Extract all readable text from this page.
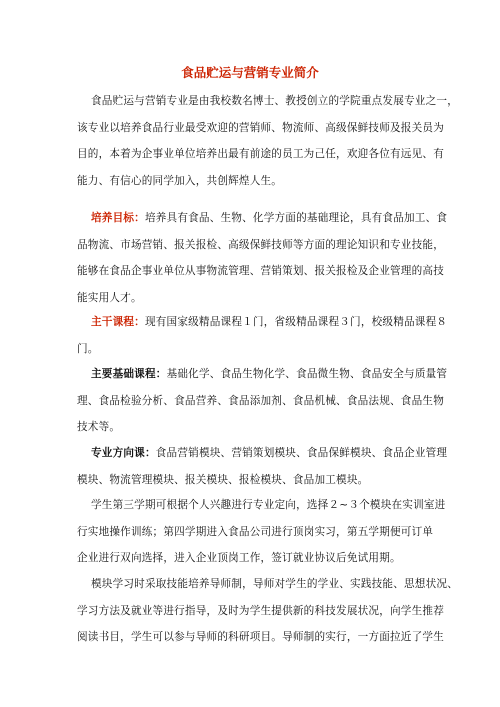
食品贮运与营销专业简介
食品贮运与营销专业是由我校数名博士、教授创立的学院重点发展专业之一，
该专业以培养食品行业最受欢迎的营销师、物流师、高级保鲜技师及报关员为
目的，本着为企事业单位培养出最有前途的员工为己任，欢迎各位有远见、有
能力、有信心的同学加入，共创辉煌人生。
培养目标：培养具有食品、生物、化学方面的基础理论，具有食品加工、食
品物流、市场营销、报关报检、高级保鲜技师等方面的理论知识和专业技能，
能够在食品企事业单位从事物流管理、营销策划、报关报检及企业管理的高技
能实用人才。
主干课程：现有国家级精品课程１门，省级精品课程３门，校级精品课程８
门。
主要基础课程：基础化学、食品生物化学、食品微生物、食品安全与质量管
理、食品检验分析、食品营养、食品添加剂、食品机械、食品法规、食品生物
技术等。
专业方向课：食品营销模块、营销策划模块、食品保鲜模块、食品企业管理
模块、物流管理模块、报关模块、报检模块、食品加工模块。
学生第三学期可根据个人兴趣进行专业定向，选择２~３个模块在实训室进
行实地操作训练；第四学期进入食品公司进行顶岗实习，第五学期便可订单
企业进行双向选择，进入企业顶岗工作，签订就业协议后免试用期。
模块学习时采取技能培养导师制，导师对学生的学业、实践技能、思想状况、
学习方法及就业等进行指导，及时为学生提供新的科技发展状况，向学生推荐
阅读书目，学生可以参与导师的科研项目。导师制的实行，一方面拉近了学生
